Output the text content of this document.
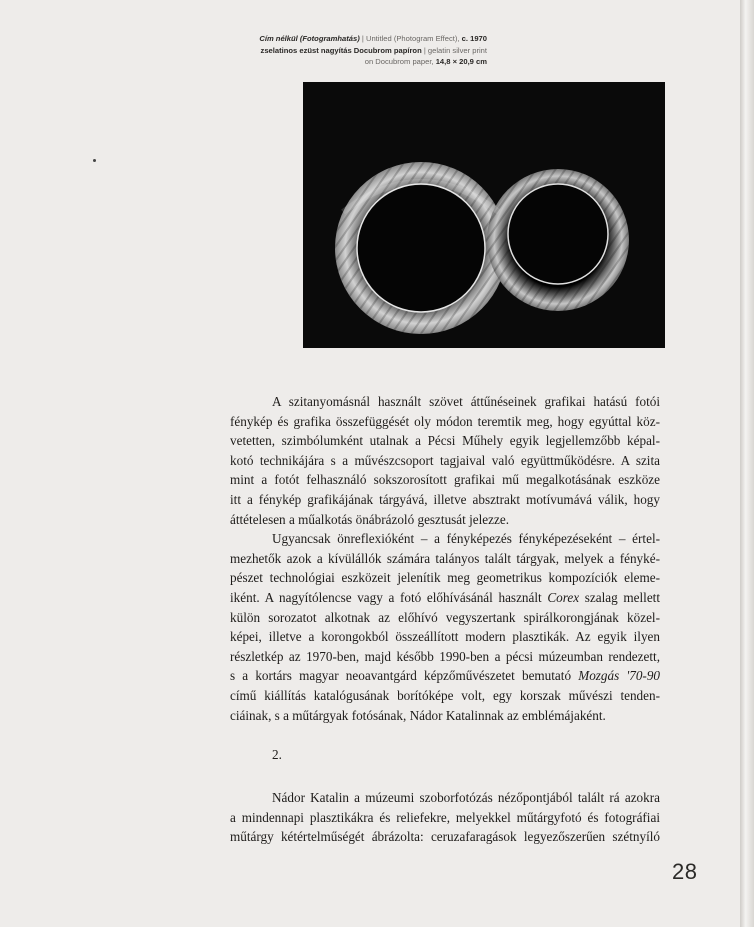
Cím nélkül (Fotogramhatás) | Untitled (Photogram Effect), c. 1970
zselatinos ezüst nagyítás Docubrom papíron | gelatin silver print
on Docubrom paper, 14,8 × 20,9 cm

A szitanyomásnál használt szövet áttűnéseinek grafikai hatású fotói

fénykép és grafika összefüggését oly módon teremtik meg, hogy egyúttal köz-

vetetten, szimbólumként utalnak a Pécsi Műhely egyik legjellemzőbb képal-

kotó technikájára s a művészcsoport tagjaival való együttműködésre. A szita

mint a fotót felhasználó sokszorosított grafikai mű megalkotásának eszköze

itt a fénykép grafikájának tárgyává, illetve absztrakt motívumává válik, hogy

áttételesen a műalkotás önábrázoló gesztusát jelezze.

Ugyancsak önreflexióként – a fényképezés fényképezéseként – értel-

mezhetők azok a kívülállók számára talányos talált tárgyak, melyek a fényké-

pészet technológiai eszközeit jelenítik meg geometrikus kompozíciók eleme-

iként. A nagyítólencse vagy a fotó előhívásánál használt Corex szalag mellett

külön sorozatot alkotnak az előhívó vegyszertank spirálkorongjának közel-

képei, illetve a korongokból összeállított modern plasztikák. Az egyik ilyen

részletkép az 1970-ben, majd később 1990-ben a pécsi múzeumban rendezett,

s a kortárs magyar neoavantgárd képzőművészetet bemutató Mozgás '70-90

című kiállítás katalógusának borítóképe volt, egy korszak művészi tenden-

ciáinak, s a műtárgyak fotósának, Nádor Katalinnak az emblémájaként.

2.

Nádor Katalin a múzeumi szoborfotózás nézőpontjából talált rá azokra

a mindennapi plasztikákra és reliefekre, melyekkel műtárgyfotó és fotográfiai

műtárgy kétértelműségét ábrázolta: ceruzafaragások legyezőszerűen szétnyíló

28
